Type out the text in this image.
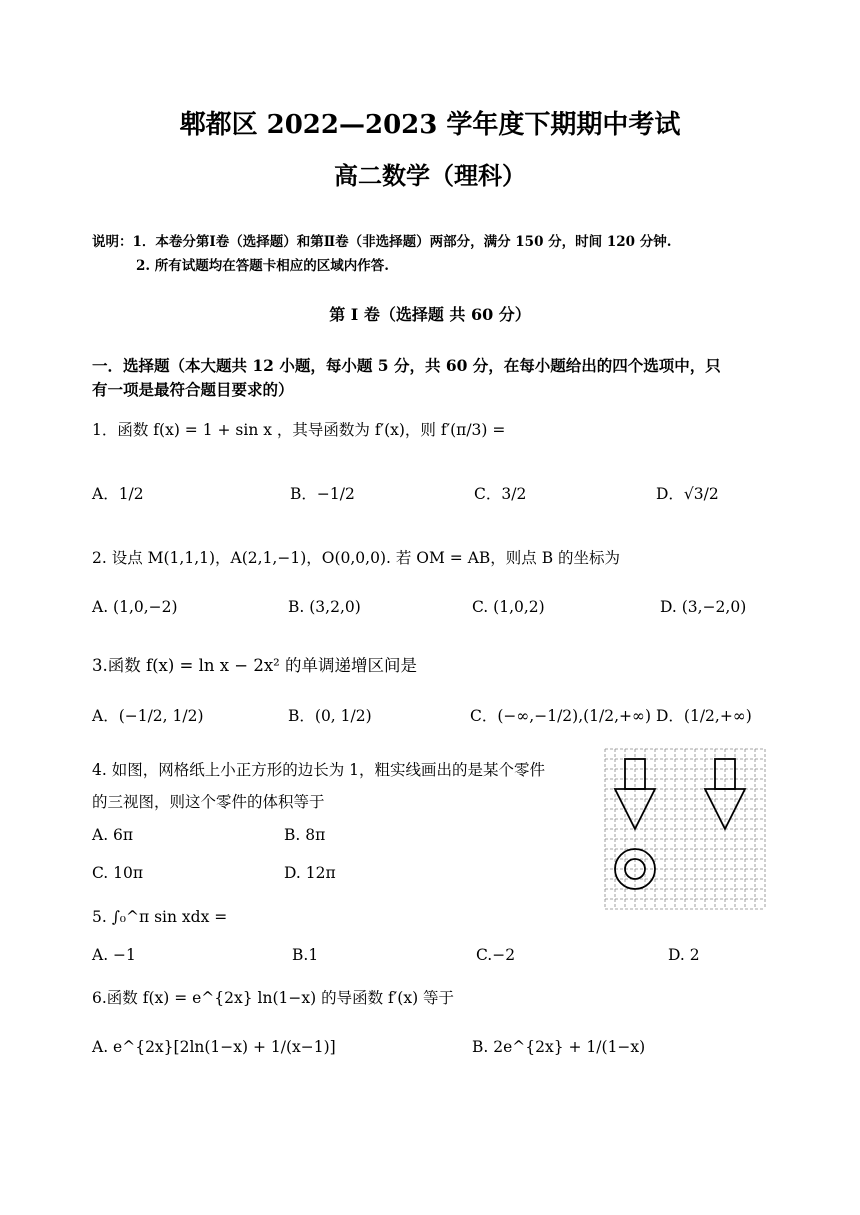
郫都区 2022—2023 学年度下期期中考试
高二数学（理科）
说明：1．本卷分第Ⅰ卷（选择题）和第Ⅱ卷（非选择题）两部分，满分 150 分，时间 120 分钟.
2. 所有试题均在答题卡相应的区域内作答.
第 I 卷（选择题 共 60 分）
一．选择题（本大题共 12 小题，每小题 5 分，共 60 分，在每小题给出的四个选项中，只
有一项是最符合题目要求的）
1．函数 f(x) = 1 + sin x ，其导函数为 f′(x)，则 f′(π/3) =
A．1/2	B．−1/2	C．3/2	D．√3/2
2. 设点 M(1,1,1)，A(2,1,−1)，O(0,0,0). 若 OM = AB，则点 B 的坐标为
A. (1,0,−2)	B. (3,2,0)	C. (1,0,2)	D. (3,−2,0)
3.函数 f(x) = ln x − 2x² 的单调递增区间是
A．(−1/2, 1/2)	B．(0, 1/2)	C．(−∞,−1/2),(1/2,+∞) D．(1/2,+∞)
4. 如图，网格纸上小正方形的边长为 1，粗实线画出的是某个零件
的三视图，则这个零件的体积等于
A. 6π	B. 8π
C. 10π	D. 12π
5. ∫₀^π sin xdx =
A. −1	B.1	C.−2	D. 2
6.函数 f(x) = e^{2x} ln(1−x) 的导函数 f′(x) 等于
A. e^{2x}[2ln(1−x) + 1/(x−1)]	B. 2e^{2x} + 1/(1−x)
